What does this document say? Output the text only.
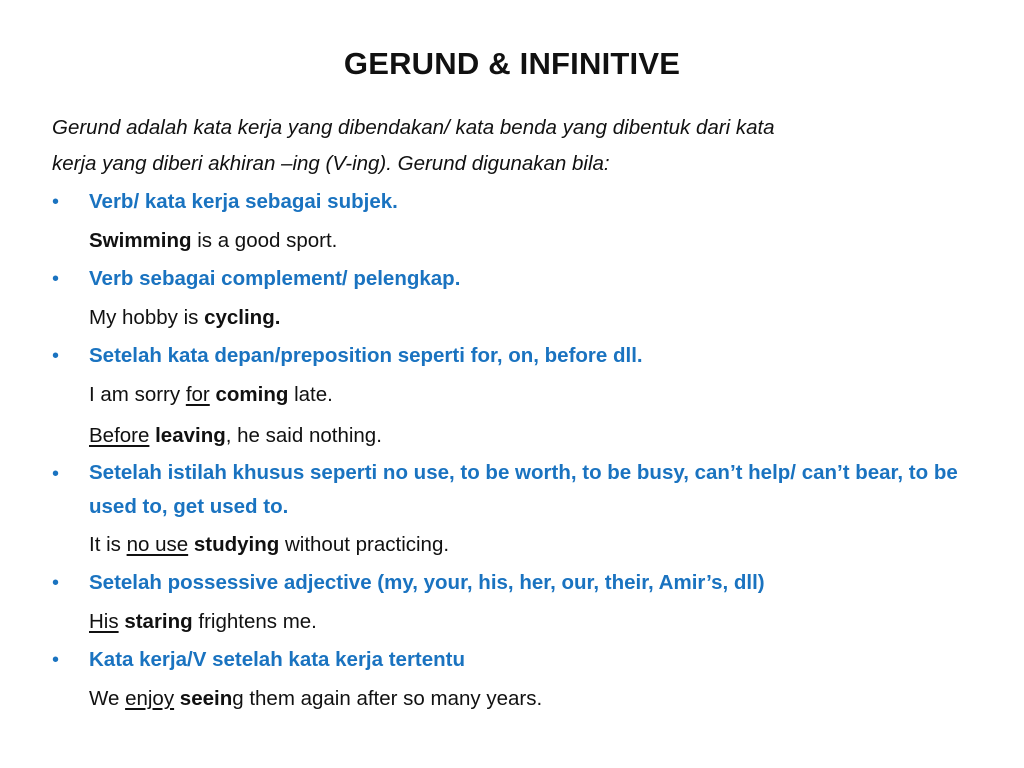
GERUND & INFINITIVE
Gerund adalah kata kerja yang dibendakan/ kata benda yang dibentuk dari kata
kerja yang diberi akhiran –ing (V-ing). Gerund digunakan bila:
• Verb/ kata kerja sebagai subjek.
Swimming is a good sport.
• Verb sebagai complement/ pelengkap.
My hobby is cycling.
• Setelah kata depan/preposition seperti for, on, before dll.
I am sorry for coming late.
Before leaving, he said nothing.
• Setelah istilah khusus seperti no use, to be worth, to be busy, can’t help/ can’t bear, to be used to, get used to.
It is no use studying without practicing.
• Setelah possessive adjective (my, your, his, her, our, their, Amir’s, dll)
His staring frightens me.
• Kata kerja/V setelah kata kerja tertentu
We enjoy seeing them again after so many years.
